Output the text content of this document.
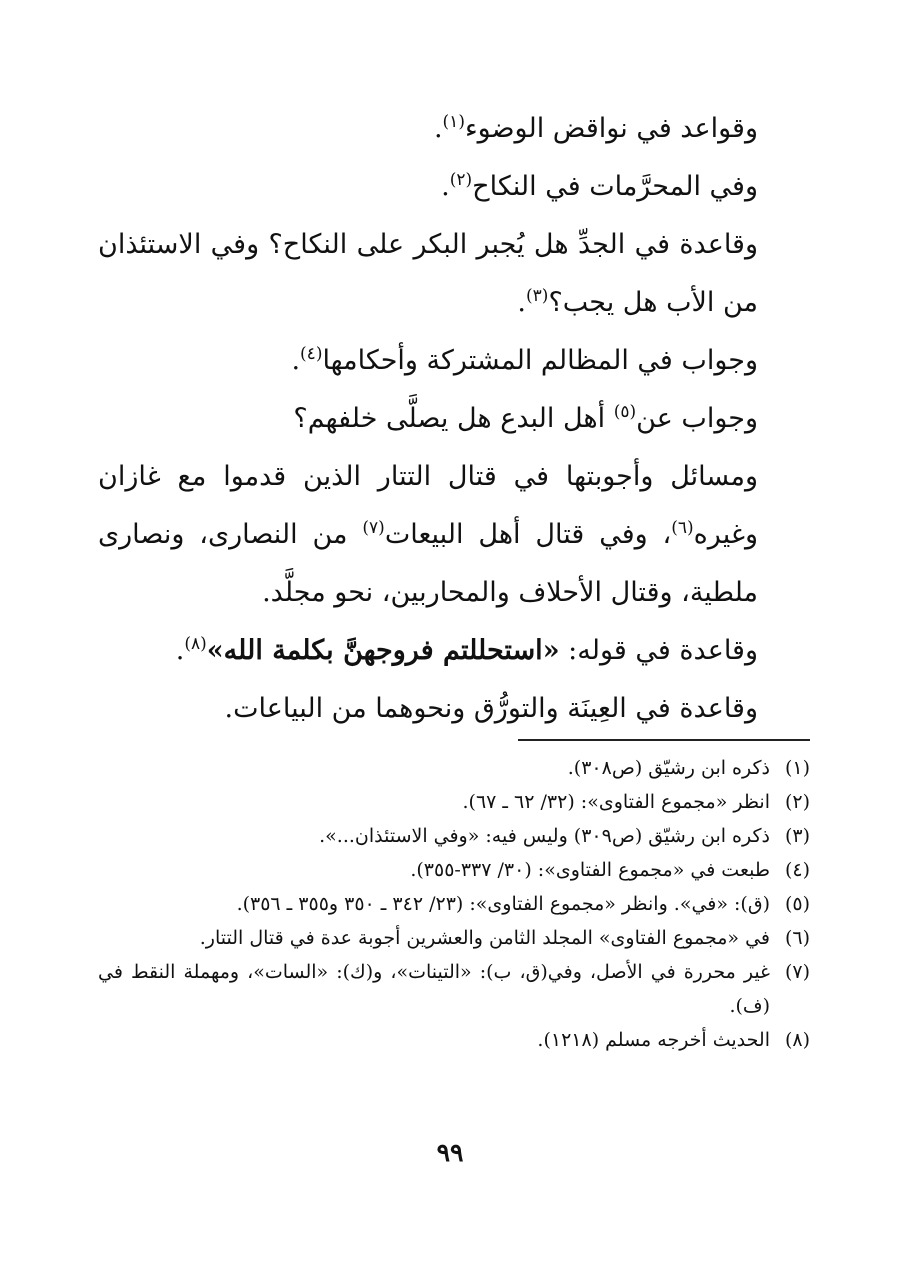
وقواعد في نواقض الوضوء$^{(١)}$.

وفي المحرَّمات في النكاح$^{(٢)}$.

وقاعدة في الجدِّ هل يُجبر البكر على النكاح؟ وفي الاستئذان من الأب هل يجب؟$^{(٣)}$.

وجواب في المظالم المشتركة وأحكامها$^{(٤)}$.

وجواب عن$^{(٥)}$ أهل البدع هل يصلَّى خلفهم؟

ومسائل وأجوبتها في قتال التتار الذين قدموا مع غازان وغيره$^{(٦)}$، وفي قتال أهل البيعات$^{(٧)}$ من النصارى، ونصارى ملطية، وقتال الأحلاف والمحاربين، نحو مجلَّد.

وقاعدة في قوله: «استحللتم فروجهنَّ بكلمة الله»$^{(٨)}$.

وقاعدة في العِينَة والتورُّق ونحوهما من البياعات.

(١)
ذكره ابن رشيّق (ص٣٠٨).
(٢)
انظر «مجموع الفتاوى»: (٣٢/ ٦٢ ـ ٦٧).
(٣)
ذكره ابن رشيّق (ص٣٠٩) وليس فيه: «وفي الاستئذان...».
(٤)
طبعت في «مجموع الفتاوى»: (٣٠/ ٣٣٧-٣٥٥).
(٥)
(ق): «في». وانظر «مجموع الفتاوى»: (٢٣/ ٣٤٢ ـ ٣٥٠ و٣٥٥ ـ ٣٥٦).
(٦)
في «مجموع الفتاوى» المجلد الثامن والعشرين أجوبة عدة في قتال التتار.
(٧)
غير محررة في الأصل، وفي(ق، ب): «التينات»، و(ك): «السات»، ومهملة النقط في (ف).
(٨)
الحديث أخرجه مسلم (١٢١٨).
٩٩
